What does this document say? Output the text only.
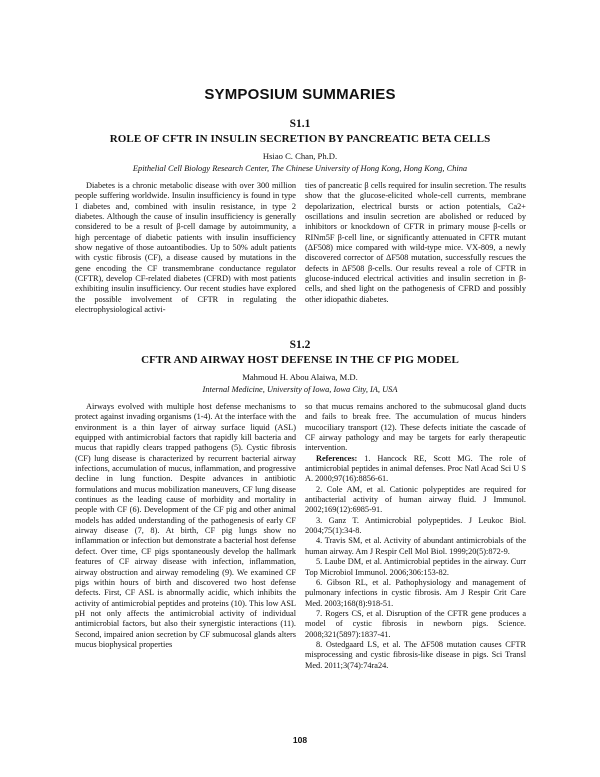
SYMPOSIUM SUMMARIES
S1.1
ROLE OF CFTR IN INSULIN SECRETION BY PANCREATIC BETA CELLS
Hsiao C. Chan, Ph.D.
Epithelial Cell Biology Research Center, The Chinese University of Hong Kong, Hong Kong, China

Diabetes is a chronic metabolic disease with over 300 million people suffering worldwide. Insulin insufficiency is found in type I diabetes and, combined with insulin resistance, in type 2 diabetes. Although the cause of insulin insufficiency is generally considered to be a result of β-cell damage by autoimmunity, a high percentage of diabetic patients with insulin insufficiency show negative of those autoantibodies. Up to 50% adult patients with cystic fibrosis (CF), a disease caused by mutations in the gene encoding the CF transmembrane conductance regulator (CFTR), develop CF-related diabetes (CFRD) with most patients exhibiting insulin insufficiency. Our recent studies have explored the possible involvement of CFTR in regulating the electrophysiological activi-

ties of pancreatic β cells required for insulin secretion. The results show that the glucose-elicited whole-cell currents, membrane depolarization, electrical bursts or action potentials, Ca2+ oscillations and insulin secretion are abolished or reduced by inhibitors or knockdown of CFTR in primary mouse β-cells or RINm5F β-cell line, or significantly attenuated in CFTR mutant (ΔF508) mice compared with wild-type mice. VX-809, a newly discovered corrector of ΔF508 mutation, successfully rescues the defects in ΔF508 β-cells. Our results reveal a role of CFTR in glucose-induced electrical activities and insulin secretion in β-cells, and shed light on the pathogenesis of CFRD and possibly other idiopathic diabetes.

S1.2
CFTR AND AIRWAY HOST DEFENSE IN THE CF PIG MODEL
Mahmoud H. Abou Alaiwa, M.D.
Internal Medicine, University of Iowa, Iowa City, IA, USA

Airways evolved with multiple host defense mechanisms to protect against invading organisms (1-4). At the interface with the environment is a thin layer of airway surface liquid (ASL) equipped with antimicrobial factors that rapidly kill bacteria and mucus that rapidly clears trapped pathogens (5). Cystic fibrosis (CF) lung disease is characterized by recurrent bacterial airway infections, accumulation of mucus, inflammation, and progressive decline in lung function. Despite advances in antibiotic formulations and mucus mobilization maneuvers, CF lung disease continues as the leading cause of morbidity and mortality in people with CF (6). Development of the CF pig and other animal models has added understanding of the pathogenesis of early CF airway disease (7, 8). At birth, CF pig lungs show no inflammation or infection but demonstrate a bacterial host defense defect. Over time, CF pigs spontaneously develop the hallmark features of CF airway disease with infection, inflammation, airway obstruction and airway remodeling (9). We examined CF pigs within hours of birth and discovered two host defense defects. First, CF ASL is abnormally acidic, which inhibits the activity of antimicrobial peptides and proteins (10). This low ASL pH not only affects the antimicrobial activity of individual antimicrobial factors, but also their synergistic interactions (11). Second, impaired anion secretion by CF submucosal glands alters mucus biophysical properties

so that mucus remains anchored to the submucosal gland ducts and fails to break free. The accumulation of mucus hinders mucociliary transport (12). These defects initiate the cascade of CF airway pathology and may be targets for early therapeutic intervention.

References: 1. Hancock RE, Scott MG. The role of antimicrobial peptides in animal defenses. Proc Natl Acad Sci U S A. 2000;97(16):8856-61.

2. Cole AM, et al. Cationic polypeptides are required for antibacterial activity of human airway fluid. J Immunol. 2002;169(12):6985-91.

3. Ganz T. Antimicrobial polypeptides. J Leukoc Biol. 2004;75(1):34-8.

4. Travis SM, et al. Activity of abundant antimicrobials of the human airway. Am J Respir Cell Mol Biol. 1999;20(5):872-9.

5. Laube DM, et al. Antimicrobial peptides in the airway. Curr Top Microbiol Immunol. 2006;306:153-82.

6. Gibson RL, et al. Pathophysiology and management of pulmonary infections in cystic fibrosis. Am J Respir Crit Care Med. 2003;168(8):918-51.

7. Rogers CS, et al. Disruption of the CFTR gene produces a model of cystic fibrosis in newborn pigs. Science. 2008;321(5897):1837-41.

8. Ostedgaard LS, et al. The ΔF508 mutation causes CFTR misprocessing and cystic fibrosis-like disease in pigs. Sci Transl Med. 2011;3(74):74ra24.

108
